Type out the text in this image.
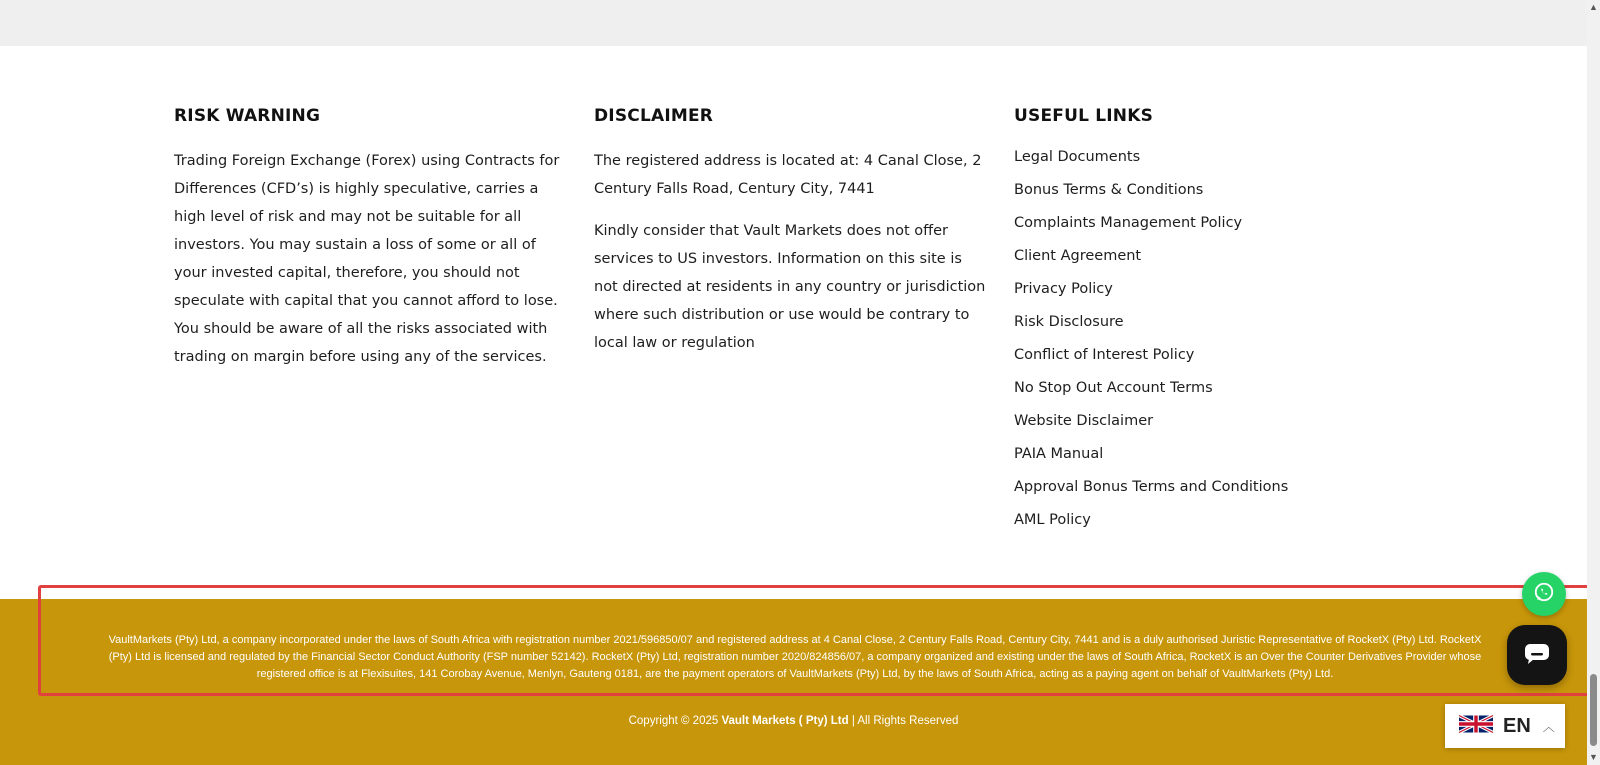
RISK WARNING

Trading Foreign Exchange (Forex) using Contracts for Differences (CFD’s) is highly speculative, carries a high level of risk and may not be suitable for all investors. You may sustain a loss of some or all of your invested capital, therefore, you should not speculate with capital that you cannot afford to lose. You should be aware of all the risks associated with trading on margin before using any of the services.

DISCLAIMER

The registered address is located at: 4 Canal Close, 2 Century Falls Road, Century City, 7441

Kindly consider that Vault Markets does not offer services to US investors. Information on this site is not directed at residents in any country or jurisdiction where such distribution or use would be contrary to local law or regulation

USEFUL LINKS
Legal Documents
Bonus Terms & Conditions
Complaints Management Policy
Client Agreement
Privacy Policy
Risk Disclosure
Conflict of Interest Policy
No Stop Out Account Terms
Website Disclaimer
PAIA Manual
Approval Bonus Terms and Conditions
AML Policy
VaultMarkets (Pty) Ltd, a company incorporated under the laws of South Africa with registration number 2021/596850/07 and registered address at 4 Canal Close, 2 Century Falls Road, Century City, 7441 and is a duly authorised Juristic Representative of RocketX (Pty) Ltd. RocketX (Pty) Ltd is licensed and regulated by the Financial Sector Conduct Authority (FSP number 52142). RocketX (Pty) Ltd, registration number 2020/824856/07, a company organized and existing under the laws of South Africa, RocketX is an Over the Counter Derivatives Provider whose registered office is at Flexisuites, 141 Corobay Avenue, Menlyn, Gauteng 0181, are the payment operators of VaultMarkets (Pty) Ltd, by the laws of South Africa, acting as a paying agent on behalf of VaultMarkets (Pty) Ltd.
Copyright © 2025 Vault Markets ( Pty) Ltd | All Rights Reserved	EN ︿
▲
▼
